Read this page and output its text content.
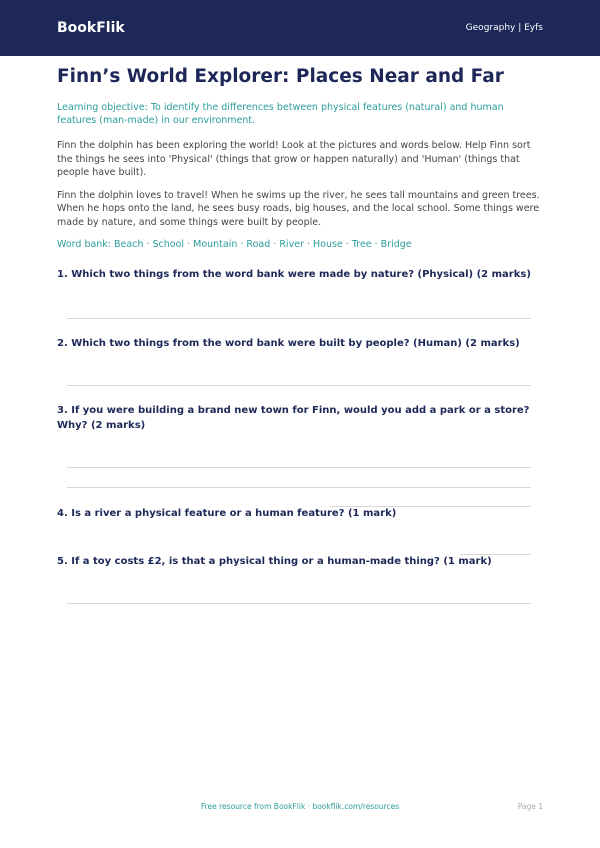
BookFlik	Geography | Eyfs
Finn’s World Explorer: Places Near and Far
Learning objective: To identify the differences between physical features (natural) and human features (man-made) in our environment.
Finn the dolphin has been exploring the world! Look at the pictures and words below. Help Finn sort the things he sees into 'Physical' (things that grow or happen naturally) and 'Human' (things that people have built).
Finn the dolphin loves to travel! When he swims up the river, he sees tall mountains and green trees. When he hops onto the land, he sees busy roads, big houses, and the local school. Some things were made by nature, and some things were built by people.
Word bank: Beach · School · Mountain · Road · River · House · Tree · Bridge
1. Which two things from the word bank were made by nature? (Physical) (2 marks)
2. Which two things from the word bank were built by people? (Human) (2 marks)
3. If you were building a brand new town for Finn, would you add a park or a store? Why? (2 marks)
4. Is a river a physical feature or a human feature? (1 mark)
5. If a toy costs £2, is that a physical thing or a human-made thing? (1 mark)
Free resource from BookFlik · bookflik.com/resources	Page 1
